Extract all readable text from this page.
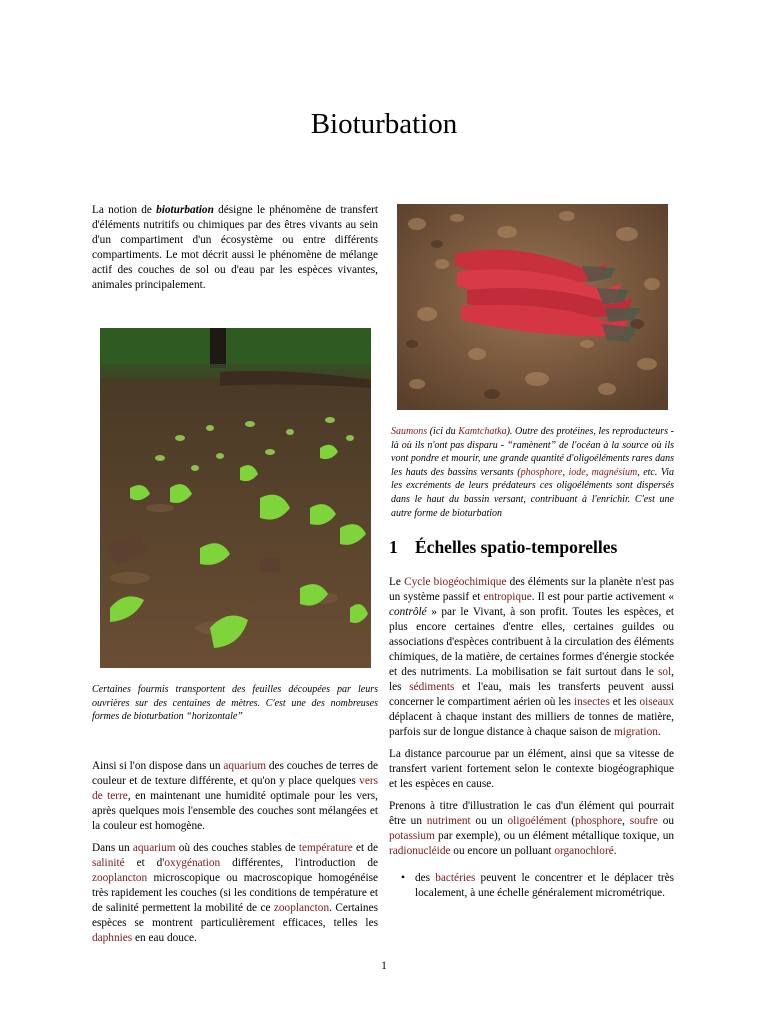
Bioturbation

La notion de bioturbation désigne le phénomène de transfert d'éléments nutritifs ou chimiques par des êtres vivants au sein d'un compartiment d'un écosystème ou entre différents compartiments. Le mot décrit aussi le phénomène de mélange actif des couches de sol ou d'eau par les espèces vivantes, animales principalement.

Saumons (ici du Kamtchatka). Outre des protéines, les reproducteurs - là où ils n'ont pas disparu - “ramènent” de l'océan à la source où ils vont pondre et mourir, une grande quantité d'oligoéléments rares dans les hauts des bassins versants (phosphore, iode, magnésium, etc. Via les excréments de leurs prédateurs ces oligoéléments sont dispersés dans le haut du bassin versant, contribuant à l'enrichir. C'est une autre forme de bioturbation
Certaines fourmis transportent des feuilles découpées par leurs ouvrières sur des centaines de mètres. C'est une des nombreuses formes de bioturbation “horizontale”

Ainsi si l'on dispose dans un aquarium des couches de terres de couleur et de texture différente, et qu'on y place quelques vers de terre, en maintenant une humidité optimale pour les vers, après quelques mois l'ensemble des couches sont mélangées et la couleur est homogène.

Dans un aquarium où des couches stables de température et de salinité et d'oxygénation différentes, l'introduction de zooplancton microscopique ou macroscopique homogénéise très rapidement les couches (si les conditions de température et de salinité permettent la mobilité de ce zooplancton. Certaines espèces se montrent particulièrement efficaces, telles les daphnies en eau douce.

1 Échelles spatio-temporelles

Le Cycle biogéochimique des éléments sur la planète n'est pas un système passif et entropique. Il est pour partie activement « contrôlé » par le Vivant, à son profit. Toutes les espèces, et plus encore certaines d'entre elles, certaines guildes ou associations d'espèces contribuent à la circulation des éléments chimiques, de la matière, de certaines formes d'énergie stockée et des nutriments. La mobilisation se fait surtout dans le sol, les sédiments et l'eau, mais les transferts peuvent aussi concerner le compartiment aérien où les insectes et les oiseaux déplacent à chaque instant des milliers de tonnes de matière, parfois sur de longue distance à chaque saison de migration.

La distance parcourue par un élément, ainsi que sa vitesse de transfert varient fortement selon le contexte biogéographique et les espèces en cause.

Prenons à titre d'illustration le cas d'un élément qui pourrait être un nutriment ou un oligoélément (phosphore, soufre ou potassium par exemple), ou un élément métallique toxique, un radionucléide ou encore un polluant organochloré.

• des bactéries peuvent le concentrer et le déplacer très localement, à une échelle généralement micrométrique.
1
